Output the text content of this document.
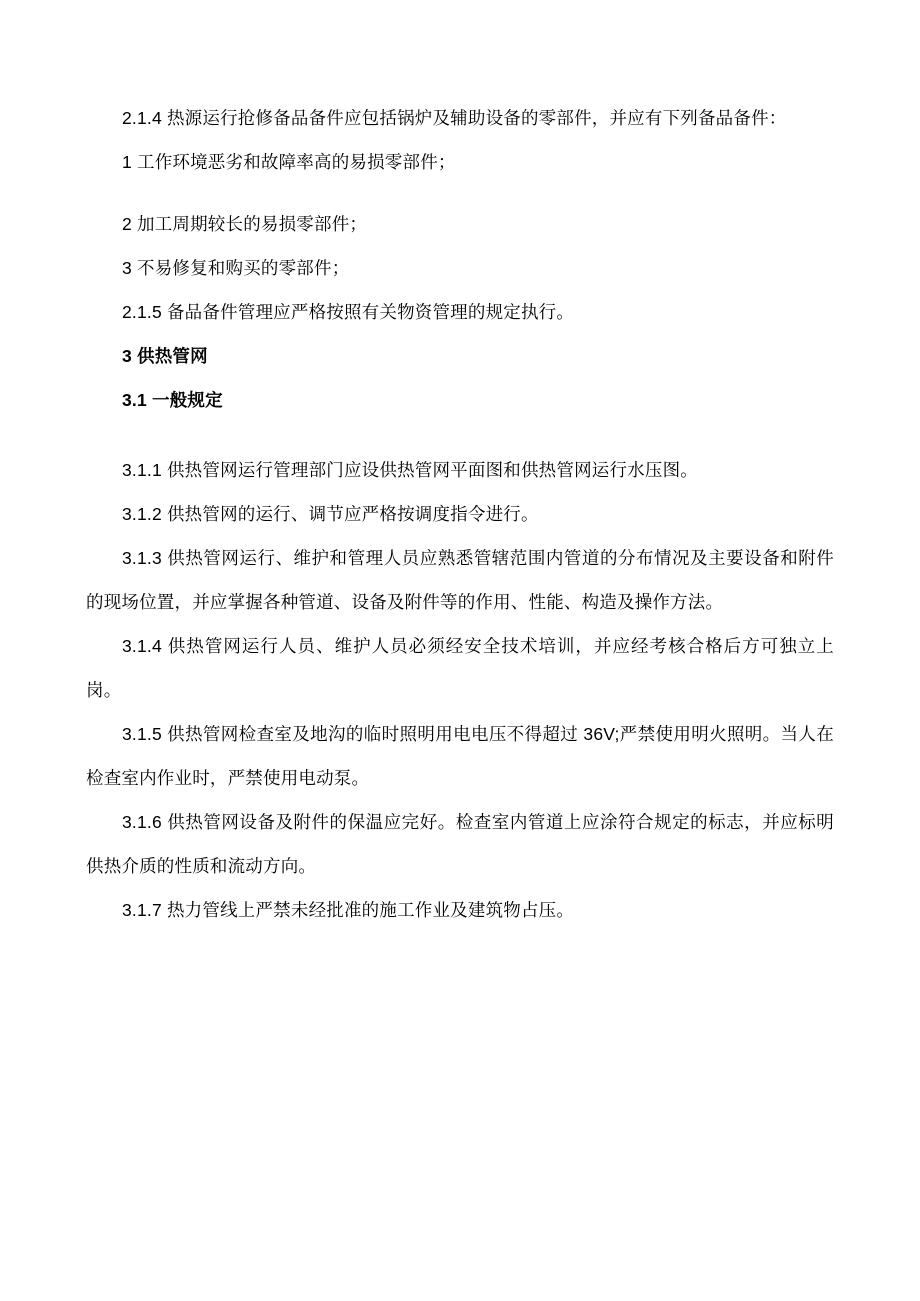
2.1.4 热源运行抢修备品备件应包括锅炉及辅助设备的零部件，并应有下列备品备件：

1 工作环境恶劣和故障率高的易损零部件；

2 加工周期较长的易损零部件；

3 不易修复和购买的零部件；

2.1.5 备品备件管理应严格按照有关物资管理的规定执行。

3 供热管网

3.1 一般规定

3.1.1 供热管网运行管理部门应设供热管网平面图和供热管网运行水压图。

3.1.2 供热管网的运行、调节应严格按调度指令进行。

3.1.3 供热管网运行、维护和管理人员应熟悉管辖范围内管道的分布情况及主要设备和附件的现场位置，并应掌握各种管道、设备及附件等的作用、性能、构造及操作方法。

3.1.4 供热管网运行人员、维护人员必须经安全技术培训，并应经考核合格后方可独立上岗。

3.1.5 供热管网检查室及地沟的临时照明用电电压不得超过 36V;严禁使用明火照明。当人在检查室内作业时，严禁使用电动泵。

3.1.6 供热管网设备及附件的保温应完好。检查室内管道上应涂符合规定的标志，并应标明供热介质的性质和流动方向。

3.1.7 热力管线上严禁未经批准的施工作业及建筑物占压。
